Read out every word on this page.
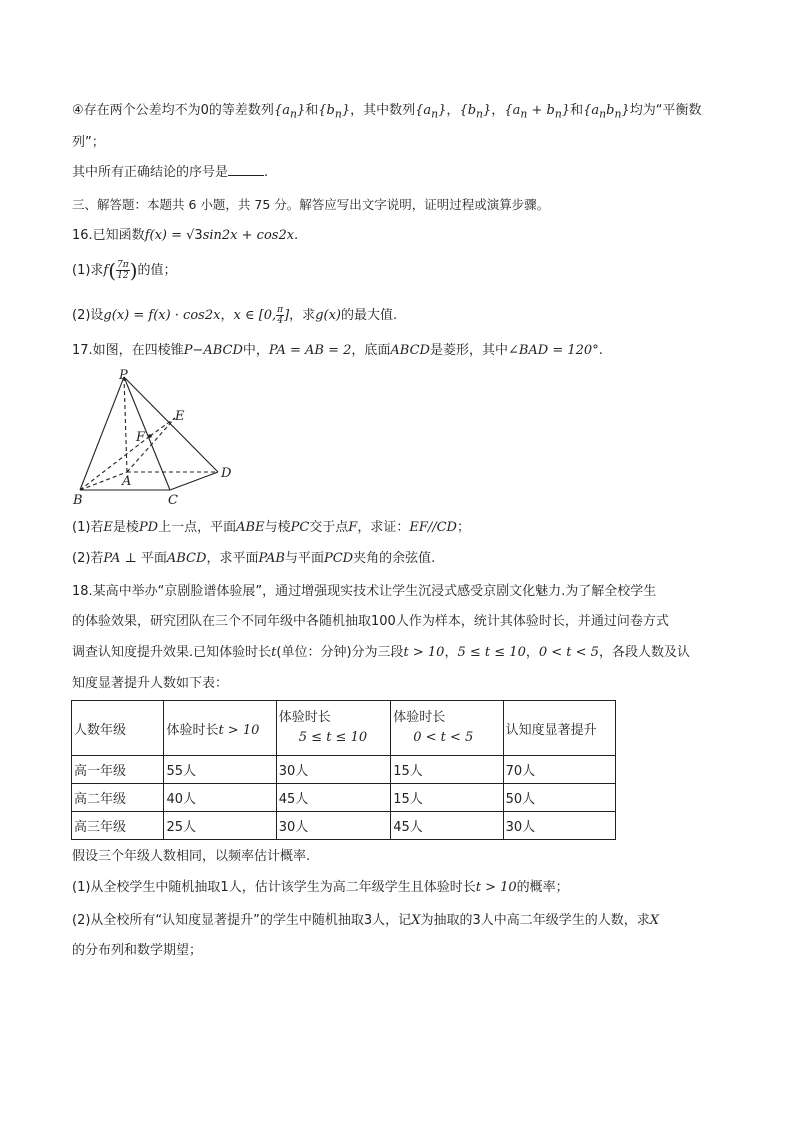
④存在两个公差均不为0的等差数列$\{a_n\}$和$\{b_n\}$，其中数列$\{a_n\}$，$\{b_n\}$，$\{a_n + b_n\}$和$\{a_nb_n\}$均为“平衡数
列”；
其中所有正确结论的序号是	.
三、解答题：本题共 6 小题，共 75 分。解答应写出文字说明，证明过程或演算步骤。
16.已知函数f(x) = √3sin2x + cos2x.
(1)求$f( \frac{7\pi}{12}$ )的值；
(2)设g(x) = f(x) · cos2x，x ∈ [0, $\frac{\pi}{4}$ ]，求g(x)的最大值.
17.如图，在四棱锥P−ABCD中，PA = AB = 2，底面ABCD是菱形，其中∠BAD = 120°.
P
E
F
A
D
B	C
(1)若E是棱PD上一点，平面ABE与棱PC交于点F，求证：EF//CD；
(2)若PA ⊥ 平面ABCD，求平面PAB与平面PCD夹角的余弦值.
18.某高中举办“京剧脸谱体验展”，通过增强现实技术让学生沉浸式感受京剧文化魅力.为了解全校学生
的体验效果，研究团队在三个不同年级中各随机抽取100人作为样本，统计其体验时长，并通过问卷方式
调查认知度提升效果.已知体验时长t(单位：分钟)分为三段t > 10，5 ≤ t ≤ 10，0 < t < 5，各段人数及认
知度显著提升人数如下表：
人数年级	体验时长t > 10	体验时长
5 ≤ t ≤ 10	体验时长
0 < t < 5	认知度显著提升
高一年级	55人	30人	15人	70人
高二年级	40人	45人	15人	50人
高三年级	25人	30人	45人	30人
假设三个年级人数相同，以频率估计概率.
(1)从全校学生中随机抽取1人，估计该学生为高二年级学生且体验时长t > 10的概率；
(2)从全校所有“认知度显著提升”的学生中随机抽取3人，记X为抽取的3人中高二年级学生的人数，求X
的分布列和数学期望；
